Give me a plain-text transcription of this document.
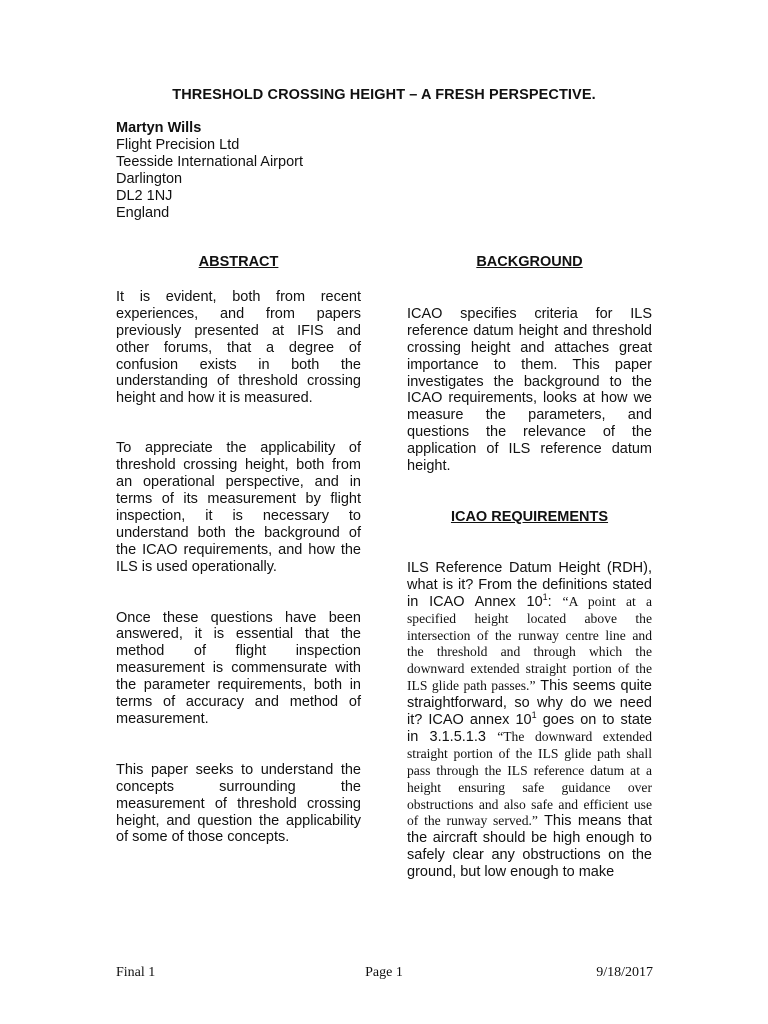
THRESHOLD CROSSING HEIGHT – A FRESH PERSPECTIVE.
Martyn Wills
Flight Precision Ltd
Teesside International Airport
Darlington
DL2 1NJ
England

ABSTRACT

It is evident, both from recent experiences, and from papers previously presented at IFIS and other forums, that a degree of confusion exists in both the understanding of threshold crossing height and how it is measured.

To appreciate the applicability of threshold crossing height, both from an operational perspective, and in terms of its measurement by flight inspection, it is necessary to understand both the background of the ICAO requirements, and how the ILS is used operationally.

Once these questions have been answered, it is essential that the method of flight inspection measurement is commensurate with the parameter requirements, both in terms of accuracy and method of measurement.

This paper seeks to understand the concepts surrounding the measurement of threshold crossing height, and question the applicability of some of those concepts.

BACKGROUND

ICAO specifies criteria for ILS reference datum height and threshold crossing height and attaches great importance to them. This paper investigates the background to the ICAO requirements, looks at how we measure the parameters, and questions the relevance of the application of ILS reference datum height.

ICAO REQUIREMENTS

ILS Reference Datum Height (RDH), what is it? From the definitions stated in ICAO Annex $10^1$: “A point at a specified height located above the intersection of the runway centre line and the threshold and through which the downward extended straight portion of the ILS glide path passes.” This seems quite straightforward, so why do we need it? ICAO annex $10^1$ goes on to state in 3.1.5.1.3 “The downward extended straight portion of the ILS glide path shall pass through the ILS reference datum at a height ensuring safe guidance over obstructions and also safe and efficient use of the runway served.” This means that the aircraft should be high enough to safely clear any obstructions on the ground, but low enough to make

Final 1	Page 1	9/18/2017
